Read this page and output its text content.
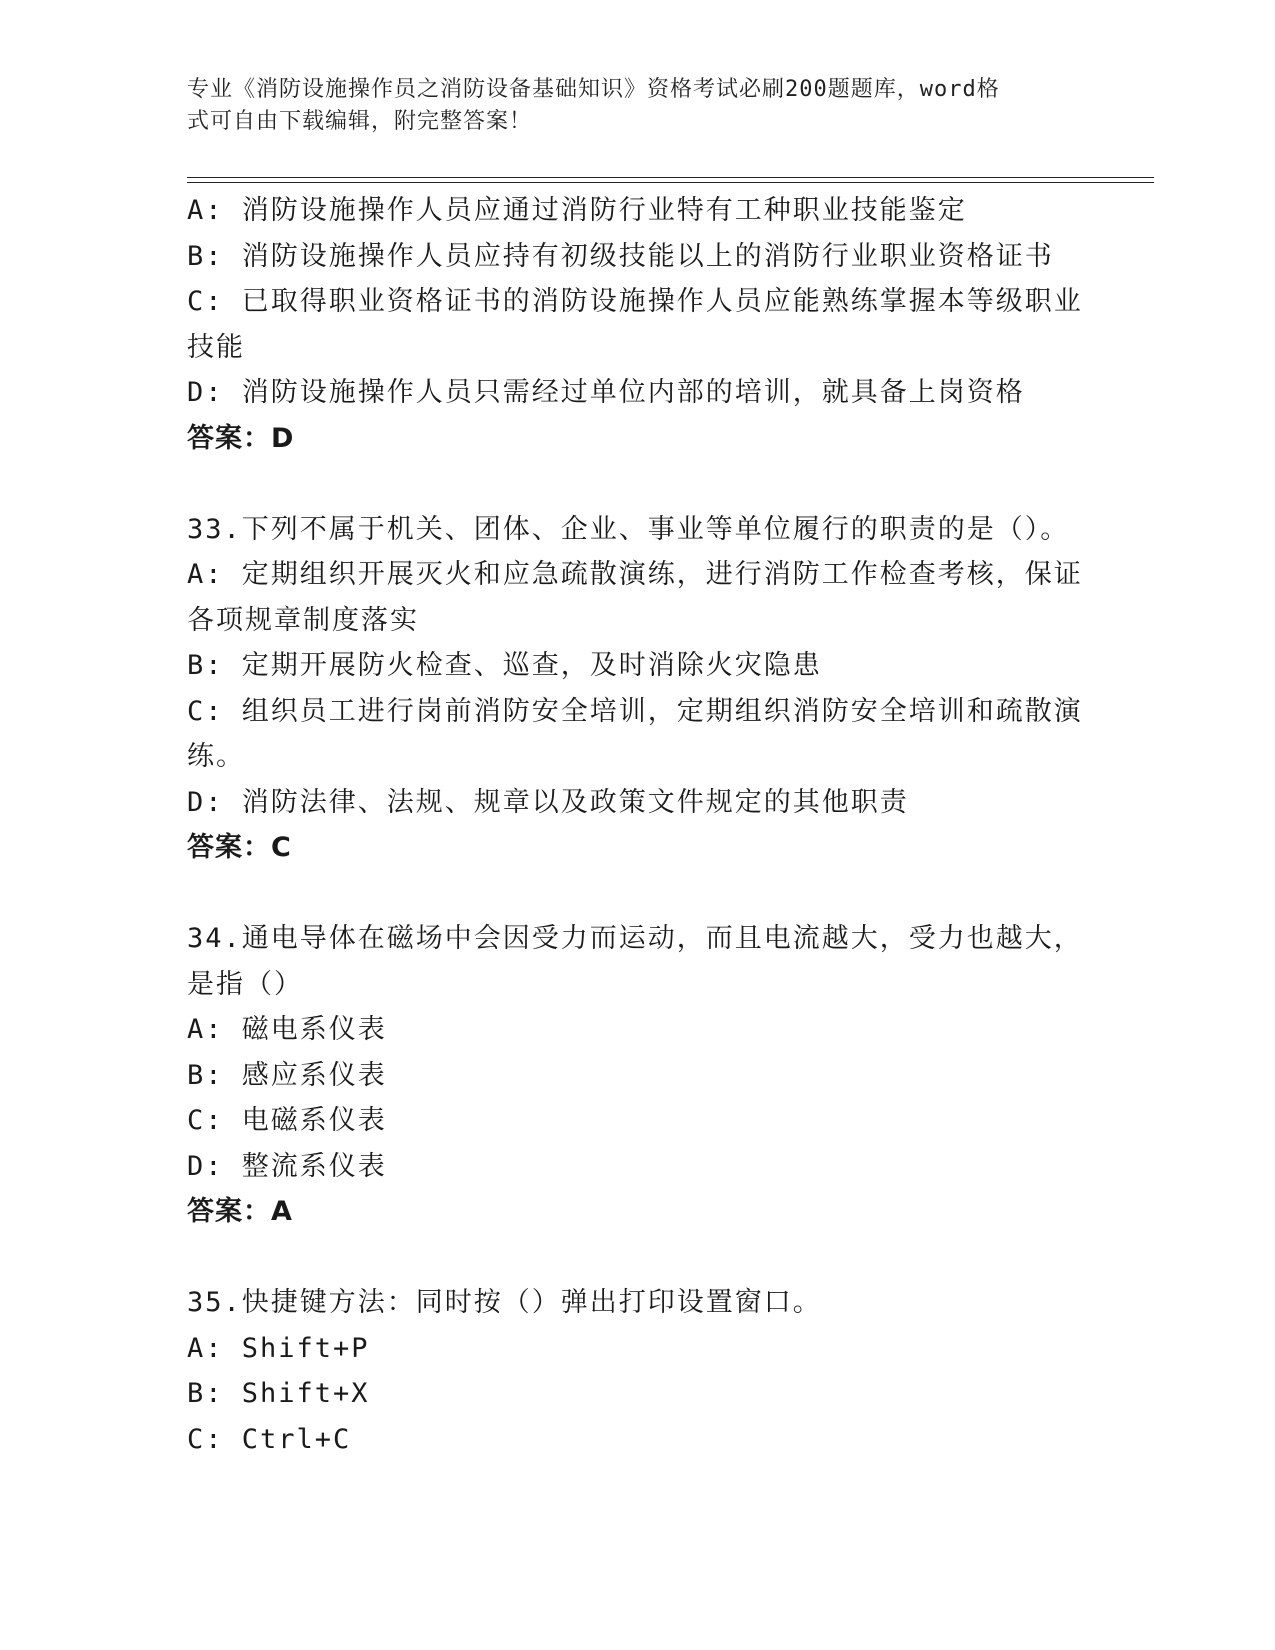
专业《消防设施操作员之消防设备基础知识》资格考试必刷200题题库，word格
式可自由下载编辑，附完整答案！

A: 消防设施操作人员应通过消防行业特有工种职业技能鉴定

B: 消防设施操作人员应持有初级技能以上的消防行业职业资格证书

C: 已取得职业资格证书的消防设施操作人员应能熟练掌握本等级职业

技能

D: 消防设施操作人员只需经过单位内部的培训，就具备上岗资格

答案：D

33.下列不属于机关、团体、企业、事业等单位履行的职责的是（）。

A: 定期组织开展灭火和应急疏散演练，进行消防工作检查考核，保证

各项规章制度落实

B: 定期开展防火检查、巡查，及时消除火灾隐患

C: 组织员工进行岗前消防安全培训，定期组织消防安全培训和疏散演

练。

D: 消防法律、法规、规章以及政策文件规定的其他职责

答案：C

34.通电导体在磁场中会因受力而运动，而且电流越大，受力也越大，

是指（）

A: 磁电系仪表

B: 感应系仪表

C: 电磁系仪表

D: 整流系仪表

答案：A

35.快捷键方法：同时按（）弹出打印设置窗口。

A: Shift+P

B: Shift+X

C: Ctrl+C
